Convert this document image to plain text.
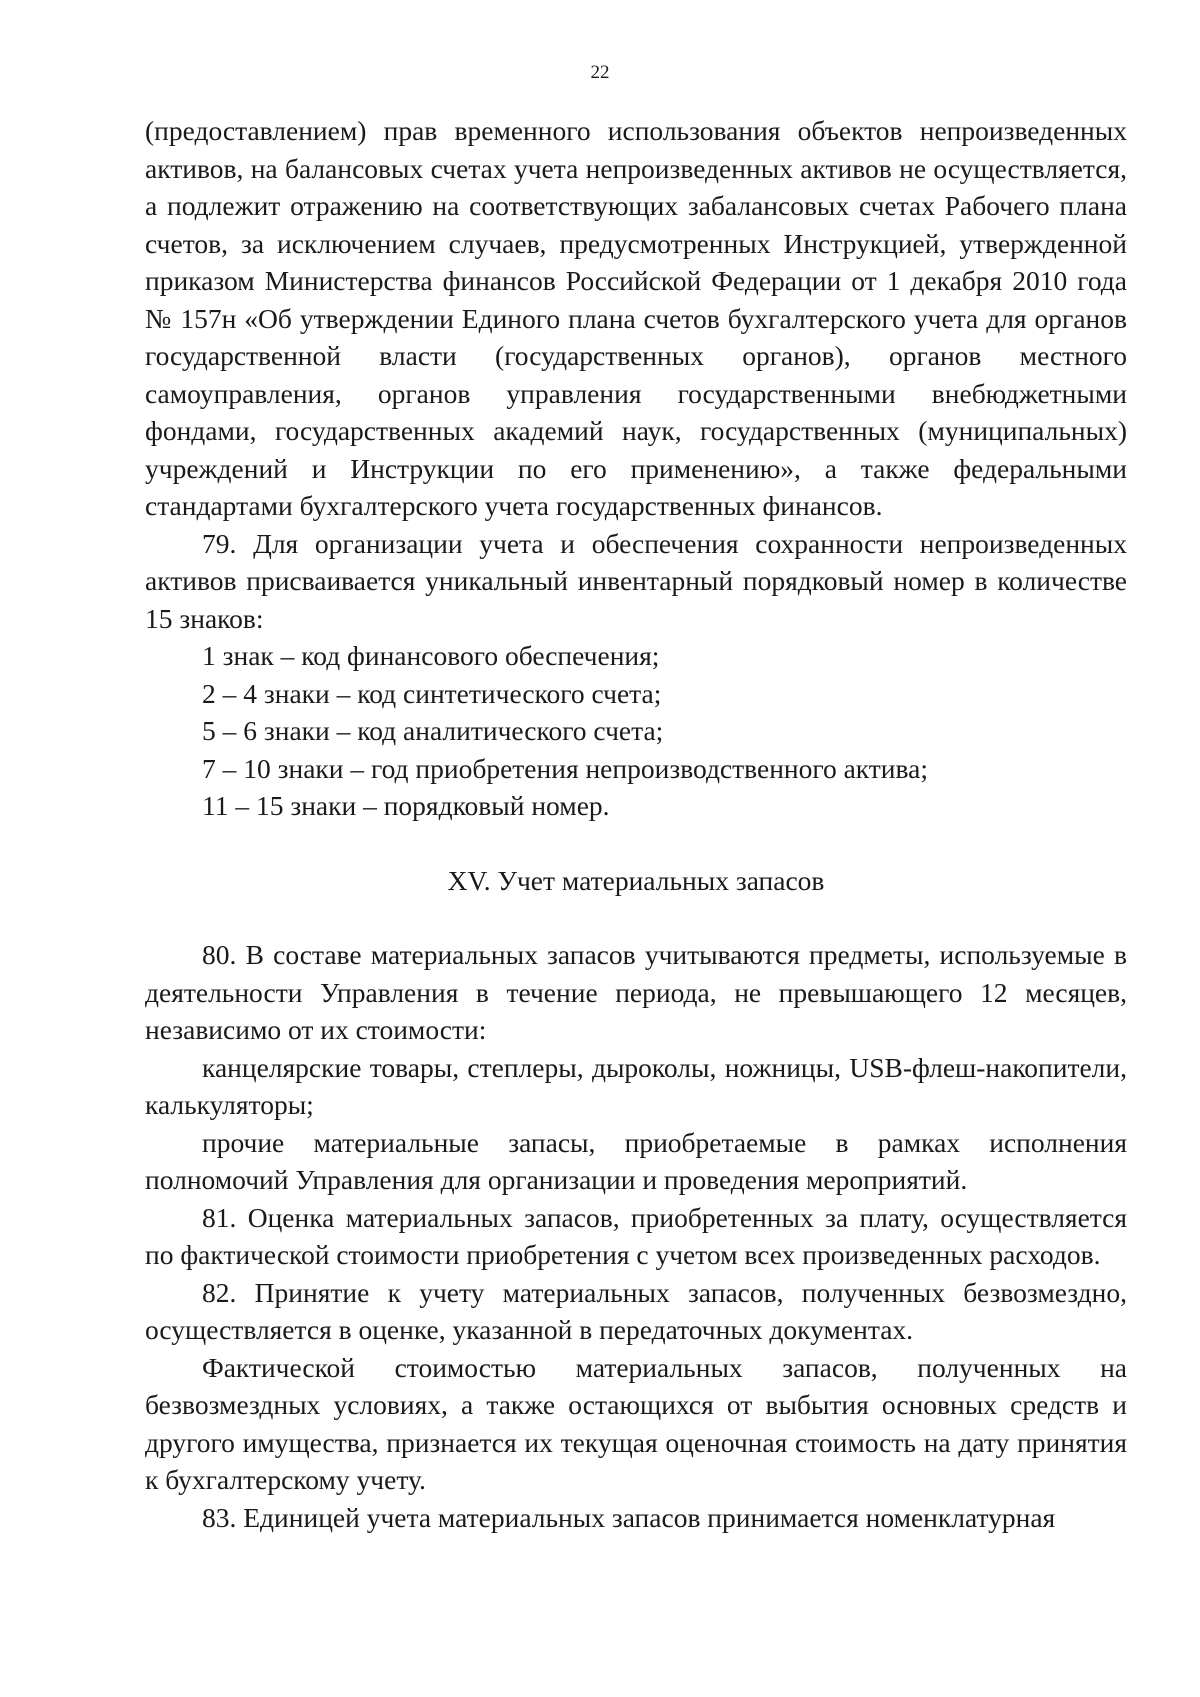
22

(предоставлением) прав временного использования объектов непроизведенных активов, на балансовых счетах учета непроизведенных активов не осуществляется, а подлежит отражению на соответствующих забалансовых счетах Рабочего плана счетов, за исключением случаев, предусмотренных Инструкцией, утвержденной приказом Министерства финансов Российской Федерации от 1 декабря 2010 года № 157н «Об утверждении Единого плана счетов бухгалтерского учета для органов государственной власти (государственных органов), органов местного самоуправления, органов управления государственными внебюджетными фондами, государственных академий наук, государственных (муниципальных) учреждений и Инструкции по его применению», а также федеральными стандартами бухгалтерского учета государственных финансов.

79. Для организации учета и обеспечения сохранности непроизведенных активов присваивается уникальный инвентарный порядковый номер в количестве 15 знаков:

1 знак – код финансового обеспечения;

2 – 4 знаки – код синтетического счета;

5 – 6 знаки – код аналитического счета;

7 – 10 знаки – год приобретения непроизводственного актива;

11 – 15 знаки – порядковый номер.

XV. Учет материальных запасов

80. В составе материальных запасов учитываются предметы, используемые в деятельности Управления в течение периода, не превышающего 12 месяцев, независимо от их стоимости:

канцелярские товары, степлеры, дыроколы, ножницы, USB-флеш-накопители, калькуляторы;

прочие материальные запасы, приобретаемые в рамках исполнения полномочий Управления для организации и проведения мероприятий.

81. Оценка материальных запасов, приобретенных за плату, осуществляется по фактической стоимости приобретения с учетом всех произведенных расходов.

82. Принятие к учету материальных запасов, полученных безвозмездно, осуществляется в оценке, указанной в передаточных документах.

Фактической стоимостью материальных запасов, полученных на безвозмездных условиях, а также остающихся от выбытия основных средств и другого имущества, признается их текущая оценочная стоимость на дату принятия к бухгалтерскому учету.

83. Единицей учета материальных запасов принимается номенклатурная
